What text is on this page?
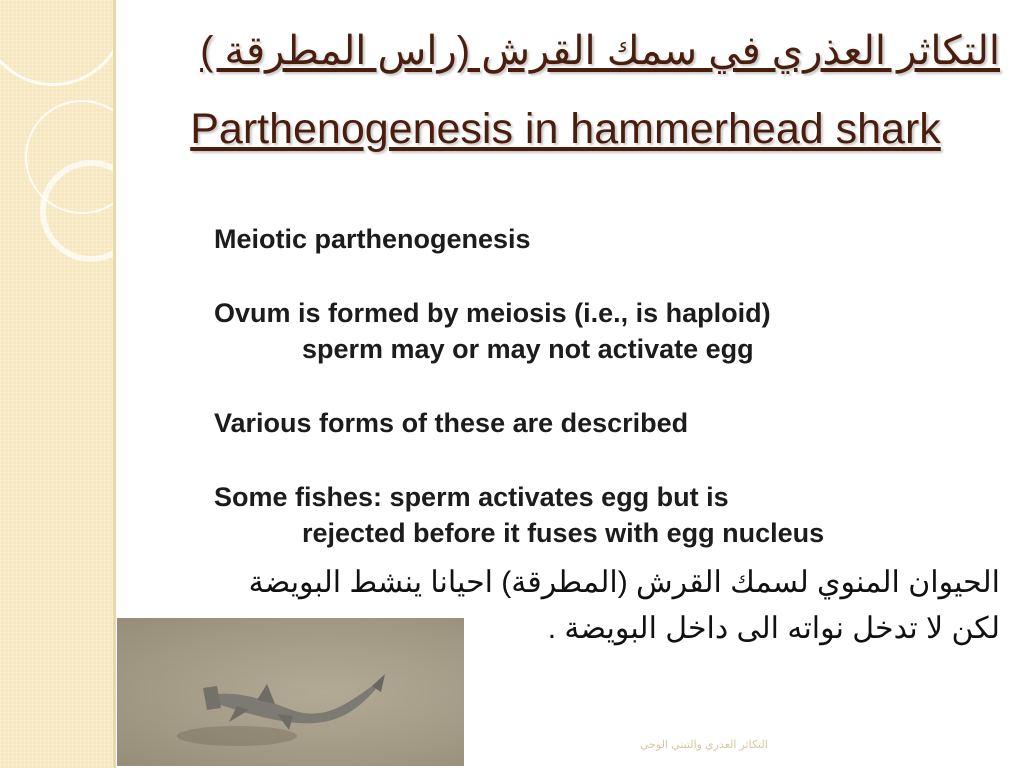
التكاثر العذري في سمك القرش (راس المطرقة )
Parthenogenesis in hammerhead shark
Meiotic parthenogenesis
Ovum is formed by meiosis (i.e., is haploid)
sperm may or may not activate egg
Various forms of these are described
Some fishes: sperm activates egg but is
rejected before it fuses with egg nucleus
الحيوان المنوي لسمك القرش (المطرقة) احيانا ينشط البويضة
لكن لا تدخل نواته الى داخل البويضة .
التكاثر العذري والتبني الوحي
